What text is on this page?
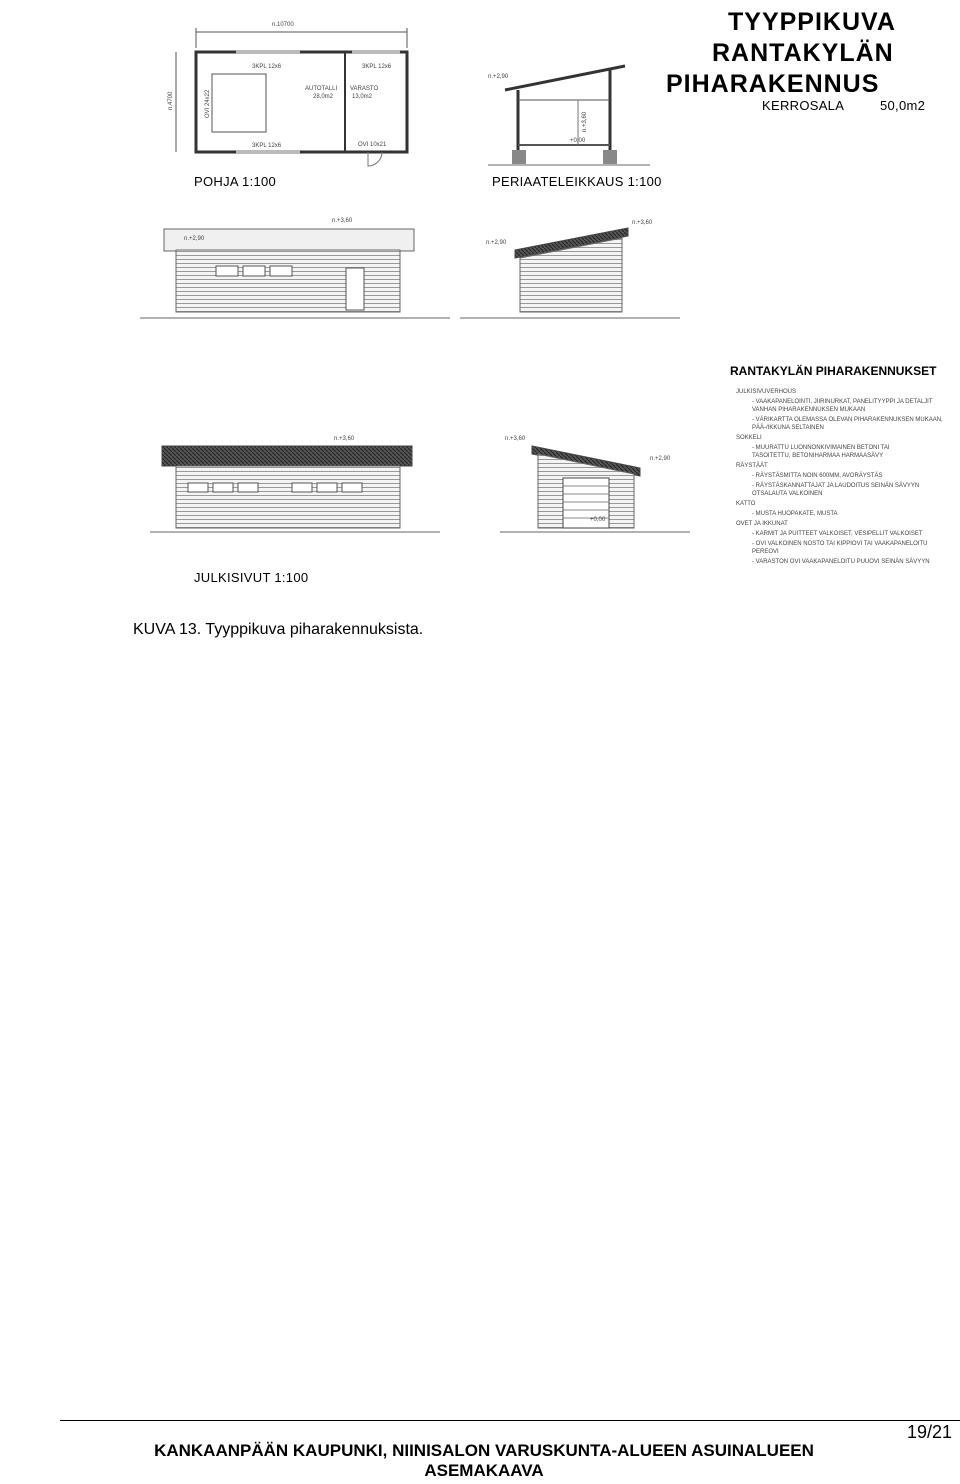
TYYPPIKUVA
RANTAKYLÄN
PIHARAKENNUS
KERROSALA	50,0m2
n.10700
n.4700
AUTOTALLI
28,0m2
VARASTO
13,0m2
3KPL 12x6	3KPL 12x6
3KPL 12x6	OVI 10x21
OVI 24x22
POHJA 1:100
n.+2,90
n.+3,60
+0,00
PERIAATELEIKKAUS 1:100
n.+3,60
n.+2,90
n.+3,60
n.+2,90
n.+3,60	n.+3,60
n.+2,90
+0,00
JULKISIVUT 1:100
RANTAKYLÄN PIHARAKENNUKSET
JULKISIVUVERHOUS
- VAAKAPANELOINTI, JIIRINURKAT, PANELITYYPPI JA DETALJIT
VANHAN PIHARAKENNUKSEN MUKAAN
- VÄRIKARTTA OLEMASSA OLEVAN PIHARAKENNUKSEN MUKAAN,
PÄÄ-/IKKUNA SELTAINEN
SOKKELI
- MUURATTU LUONNONKIVIMAINEN BETONI TAI
TASOITETTU, BETONIHARMAA HARMAASÄVY
RÄYSTÄÄT
- RÄYSTÄSMITTA NOIN 600MM, AVORÄYSTÄS
- RÄYSTÄSKANNATTAJAT JA LAUDOITUS SEINÄN SÄVYYN
OTSALAUTA VALKOINEN
KATTO
- MUSTA HUOPAKATE, MUSTA
OVET JA IKKUNAT
- KARMIT JA PUITTEET VALKOISET, VESIPELLIT VALKOISET
- OVI VALKOINEN NOSTO TAI KIPPIOVI TAI VAAKAPANELOITU
PEREOVI
- VARASTON OVI VAAKAPANELOITU PUUOVI SEINÄN SÄVYYN
KUVA 13. Tyyppikuva piharakennuksista.
19/21
KANKAANPÄÄN KAUPUNKI, NIINISALON VARUSKUNTA-ALUEEN ASUINALUEEN
ASEMAKAAVA
